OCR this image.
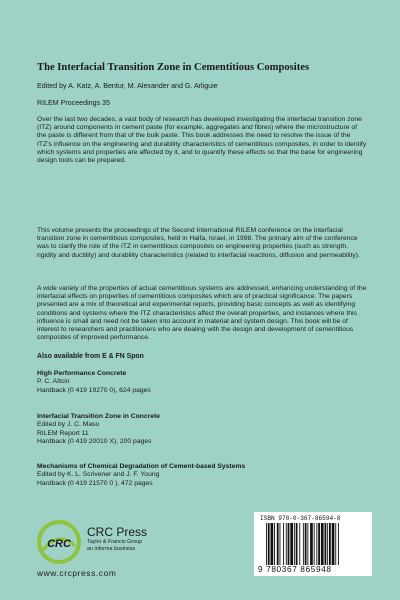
The Interfacial Transition Zone in Cementitious Composites
Edited by A. Katz, A. Bentur, M. Alexander and G. Arliguie
RILEM Proceedings 35
Over the last two decades, a vast body of research has developed investigating the interfacial transition zone (ITZ) around components in cement paste (for example, aggregates and fibres) where the microstructure of the paste is different from that of the bulk paste. This book addresses the need to resolve the issue of the ITZ’s influence on the engineering and durability characteristics of cementitious composites, in order to identify which systems and properties are affected by it, and to quantify these effects so that the base for engineering design tools can be prepared.
This volume presents the proceedings of the Second International RILEM conference on the interfacial transition zone in cementitious composites, held in Haifa, Israel, in 1998. The primary aim of the conference was to clarify the role of the ITZ in cementitious composites on engineering properties (such as strength, rigidity and ductility) and durability characteristics (related to interfacial reactions, diffusion and permeability).
A wide variety of the properties of actual cementitious systems are addressed, enhancing understanding of the interfacial effects on properties of cementitious composites which are of practical significance. The papers presented are a mix of theoretical and experimental reports, providing basic concepts as well as identifying conditions and systems where the ITZ characteristics affect the overall properties, and instances where this influence is small and need not be taken into account in material and system design. This book will be of interest to researchers and practitioners who are dealing with the design and development of cementitious composites of improved performance.
Also available from E & FN Spon
High Performance Concrete
P. C. Aïtcin
Hardback (0 419 19270 0), 624 pages
Interfacial Transition Zone in Concrete
Edited by J. C. Maso
RILEM Report 11
Hardback (0 419 20010 X), 200 pages
Mechanisms of Chemical Degradation of Cement-based Systems
Edited by K. L. Scrivener and J. F. Young
Hardback (0 419 21570 0 ), 472 pages
CRC
CRC Press
Taylor & Francis Group
an informa business
www.crcpress.com
ISBN 978-0-367-86594-8
9 780367 865948
